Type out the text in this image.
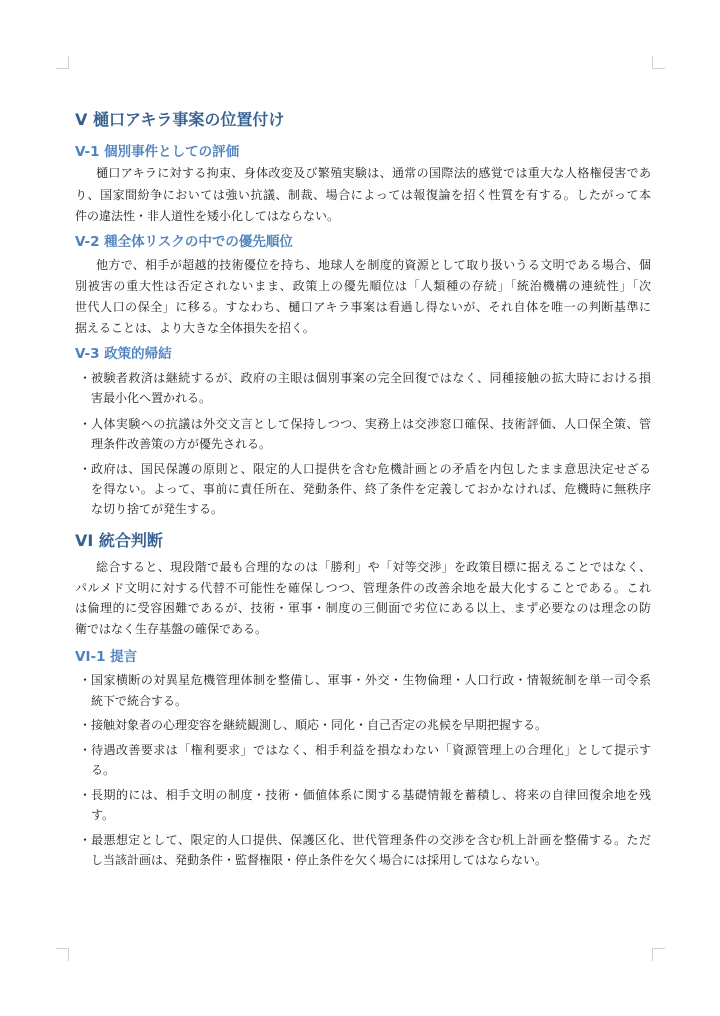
V 樋口アキラ事案の位置付け
V-1 個別事件としての評価
樋口アキラに対する拘束、身体改変及び繁殖実験は、通常の国際法的感覚では重大な人格権侵害であ
り、国家間紛争においては強い抗議、制裁、場合によっては報復論を招く性質を有する。したがって本
件の違法性・非人道性を矮小化してはならない。
V-2 種全体リスクの中での優先順位
他方で、相手が超越的技術優位を持ち、地球人を制度的資源として取り扱いうる文明である場合、個
別被害の重大性は否定されないまま、政策上の優先順位は「人類種の存続」「統治機構の連続性」「次
世代人口の保全」に移る。すなわち、樋口アキラ事案は看過し得ないが、それ自体を唯一の判断基準に
据えることは、より大きな全体損失を招く。
V-3 政策的帰結
・ 被験者救済は継続するが、政府の主眼は個別事案の完全回復ではなく、同種接触の拡大時における損
害最小化へ置かれる。
・ 人体実験への抗議は外交文言として保持しつつ、実務上は交渉窓口確保、技術評価、人口保全策、管
理条件改善策の方が優先される。
・ 政府は、国民保護の原則と、限定的人口提供を含む危機計画との矛盾を内包したまま意思決定せざる
を得ない。よって、事前に責任所在、発動条件、終了条件を定義しておかなければ、危機時に無秩序
な切り捨てが発生する。
VI 統合判断
総合すると、現段階で最も合理的なのは「勝利」や「対等交渉」を政策目標に据えることではなく、
パルメド文明に対する代替不可能性を確保しつつ、管理条件の改善余地を最大化することである。これ
は倫理的に受容困難であるが、技術・軍事・制度の三側面で劣位にある以上、まず必要なのは理念の防
衛ではなく生存基盤の確保である。
VI-1 提言
・ 国家横断の対異星危機管理体制を整備し、軍事・外交・生物倫理・人口行政・情報統制を単一司令系
統下で統合する。
・ 接触対象者の心理変容を継続観測し、順応・同化・自己否定の兆候を早期把握する。
・ 待遇改善要求は「権利要求」ではなく、相手利益を損なわない「資源管理上の合理化」として提示す
る。
・ 長期的には、相手文明の制度・技術・価値体系に関する基礎情報を蓄積し、将来の自律回復余地を残
す。
・ 最悪想定として、限定的人口提供、保護区化、世代管理条件の交渉を含む机上計画を整備する。ただ
し当該計画は、発動条件・監督権限・停止条件を欠く場合には採用してはならない。
